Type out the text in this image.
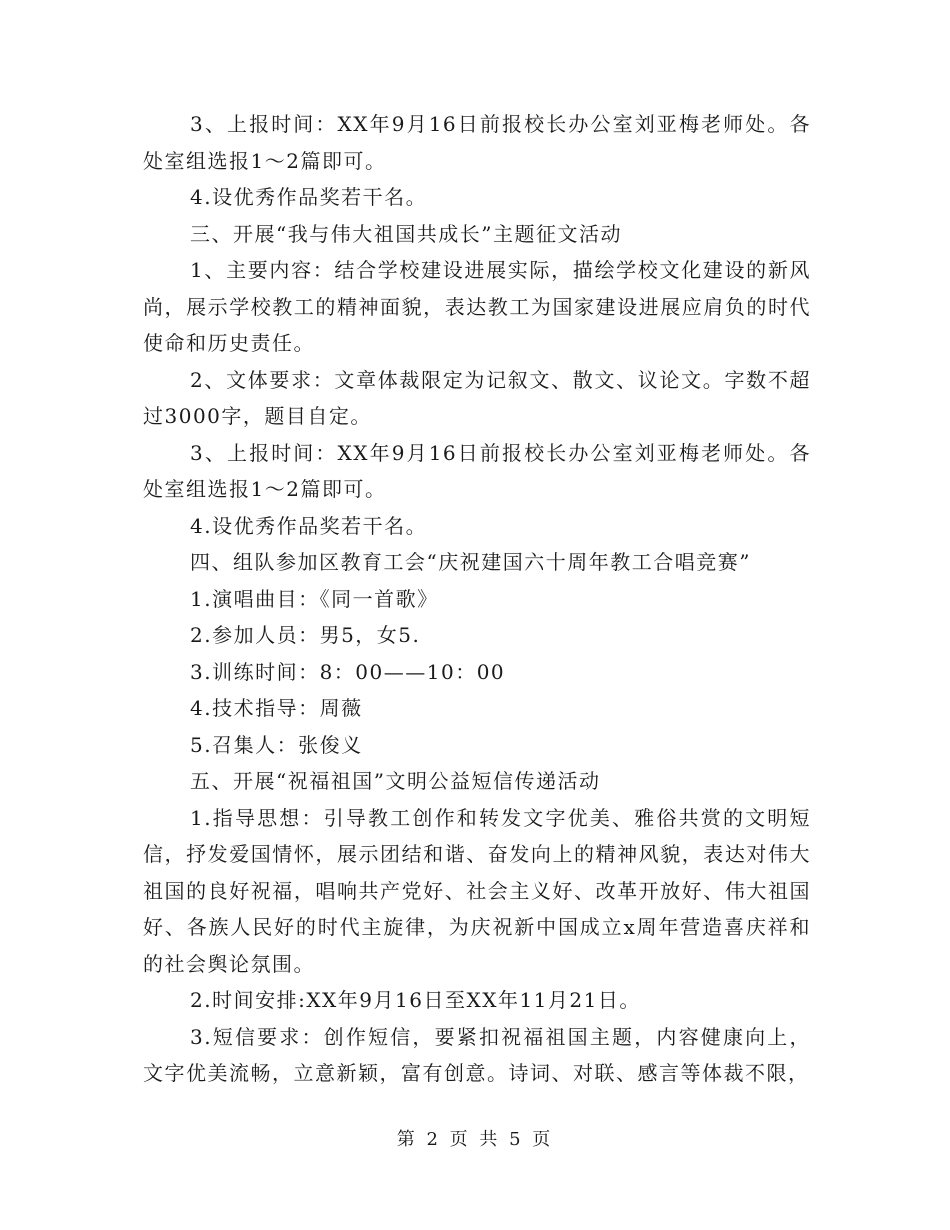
3、上报时间：XX年9月16日前报校长办公室刘亚梅老师处。各处室组选报1～2篇即可。

4.设优秀作品奖若干名。

三、开展“我与伟大祖国共成长”主题征文活动

1、主要内容：结合学校建设进展实际，描绘学校文化建设的新风尚，展示学校教工的精神面貌，表达教工为国家建设进展应肩负的时代使命和历史责任。

2、文体要求：文章体裁限定为记叙文、散文、议论文。字数不超过3000字，题目自定。

3、上报时间：XX年9月16日前报校长办公室刘亚梅老师处。各处室组选报1～2篇即可。

4.设优秀作品奖若干名。

四、组队参加区教育工会“庆祝建国六十周年教工合唱竞赛”

1.演唱曲目：《同一首歌》

2.参加人员：男5，女5.

3.训练时间：8：00——10：00

4.技术指导：周薇

5.召集人：张俊义

五、开展“祝福祖国”文明公益短信传递活动

1.指导思想：引导教工创作和转发文字优美、雅俗共赏的文明短信，抒发爱国情怀，展示团结和谐、奋发向上的精神风貌，表达对伟大祖国的良好祝福，唱响共产党好、社会主义好、改革开放好、伟大祖国好、各族人民好的时代主旋律，为庆祝新中国成立x周年营造喜庆祥和的社会舆论氛围。

2.时间安排:XX年9月16日至XX年11月21日。

3.短信要求：创作短信，要紧扣祝福祖国主题，内容健康向上，文字优美流畅，立意新颖，富有创意。诗词、对联、感言等体裁不限，

第 2 页 共 5 页
